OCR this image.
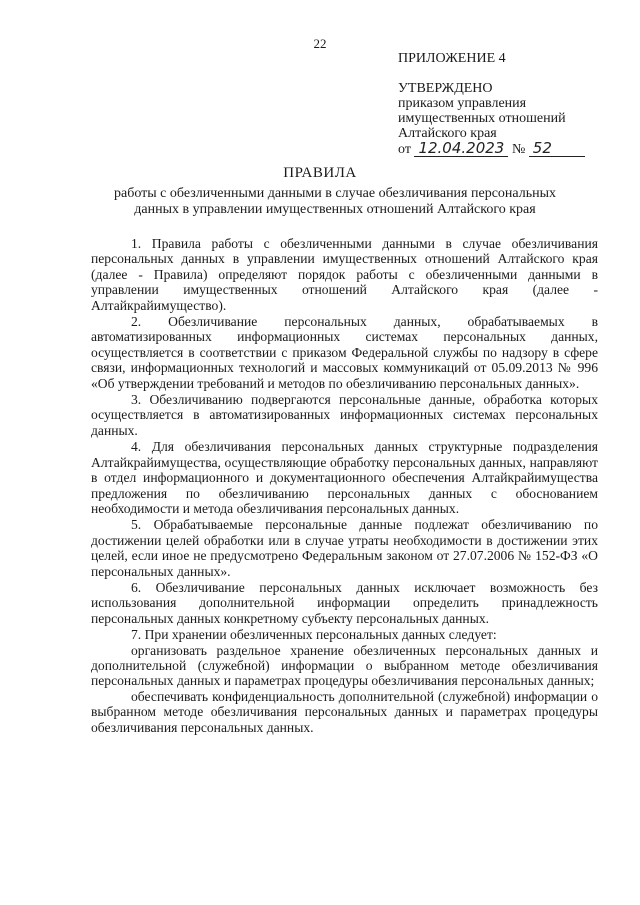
22
ПРИЛОЖЕНИЕ 4
УТВЕРЖДЕНО
приказом управления
имущественных отношений
Алтайского края
от 12.04.2023 № 52
ПРАВИЛА
работы с обезличенными данными в случае обезличивания персональных данных в управлении имущественных отношений Алтайского края

1. Правила работы с обезличенными данными в случае обезличивания персональных данных в управлении имущественных отношений Алтайского края (далее - Правила) определяют порядок работы с обезличенными данными в управлении имущественных отношений Алтайского края (далее - Алтайкрайимущество).

2. Обезличивание персональных данных, обрабатываемых в автоматизированных информационных системах персональных данных, осуществляется в соответствии с приказом Федеральной службы по надзору в сфере связи, информационных технологий и массовых коммуникаций от 05.09.2013 № 996 «Об утверждении требований и методов по обезличиванию персональных данных».

3. Обезличиванию подвергаются персональные данные, обработка которых осуществляется в автоматизированных информационных системах персональных данных.

4. Для обезличивания персональных данных структурные подразделения Алтайкрайимущества, осуществляющие обработку персональных данных, направляют в отдел информационного и документационного обеспечения Алтайкрайимущества предложения по обезличиванию персональных данных с обоснованием необходимости и метода обезличивания персональных данных.

5. Обрабатываемые персональные данные подлежат обезличиванию по достижении целей обработки или в случае утраты необходимости в достижении этих целей, если иное не предусмотрено Федеральным законом от 27.07.2006 № 152-ФЗ «О персональных данных».

6. Обезличивание персональных данных исключает возможность без использования дополнительной информации определить принадлежность персональных данных конкретному субъекту персональных данных.

7. При хранении обезличенных персональных данных следует:

организовать раздельное хранение обезличенных персональных данных и дополнительной (служебной) информации о выбранном методе обезличивания персональных данных и параметрах процедуры обезличивания персональных данных;

обеспечивать конфиденциальность дополнительной (служебной) информации о выбранном методе обезличивания персональных данных и параметрах процедуры обезличивания персональных данных.
